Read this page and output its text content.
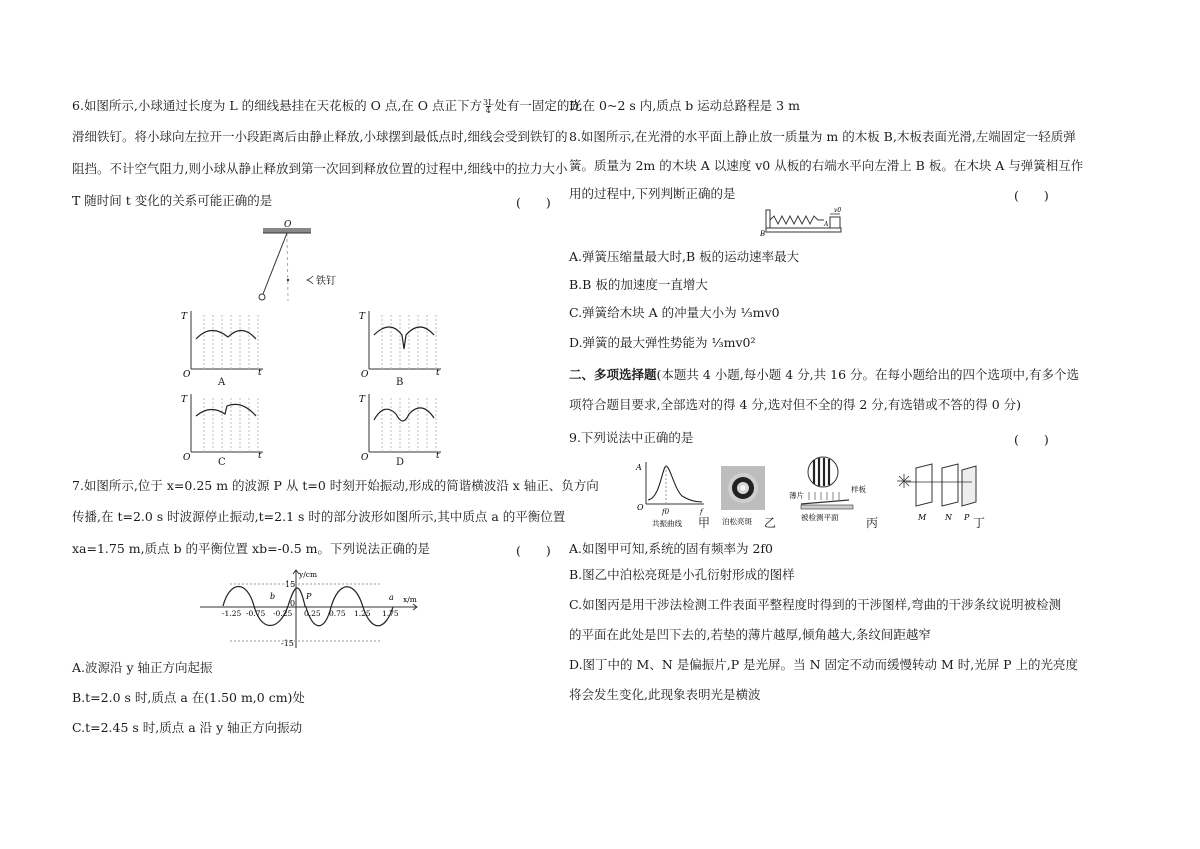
6.如图所示,小球通过长度为 L 的细线悬挂在天花板的 O 点,在 O 点正下方$\frac{3L}{4}$处有一固定的光
滑细铁钉。将小球向左拉开一小段距离后由静止释放,小球摆到最低点时,细线会受到铁钉的
阻挡。不计空气阻力,则小球从静止释放到第一次回到释放位置的过程中,细线中的拉力大小
T 随时间 t 变化的关系可能正确的是	(　　)
O
铁钉
T
O	t
A
T
O	t
B
T
O	t
C
T
O	t
D
7.如图所示,位于 x=0.25 m 的波源 P 从 t=0 时刻开始振动,形成的简谐横波沿 x 轴正、负方向
传播,在 t=2.0 s 时波源停止振动,t=2.1 s 时的部分波形如图所示,其中质点 a 的平衡位置
xa=1.75 m,质点 b 的平衡位置 xb=-0.5 m。下列说法正确的是	(　　)
y/cm
x/m
15
-15
-1.25 -0.75 -0.25 0.25 0.75 1.25 1.75
0
b	P	a
A.波源沿 y 轴正方向起振
B.t=2.0 s 时,质点 a 在(1.50 m,0 cm)处
C.t=2.45 s 时,质点 a 沿 y 轴正方向振动
D.在 0~2 s 内,质点 b 运动总路程是 3 m
8.如图所示,在光滑的水平面上静止放一质量为 m 的木板 B,木板表面光滑,左端固定一轻质弹
簧。质量为 2m 的木块 A 以速度 v0 从板的右端水平向左滑上 B 板。在木块 A 与弹簧相互作
用的过程中,下列判断正确的是	(　　)
B
A
v0
A.弹簧压缩量最大时,B 板的运动速率最大
B.B 板的加速度一直增大
C.弹簧给木块 A 的冲量大小为 ⅓mv0
D.弹簧的最大弹性势能为 ⅓mv0²
二、多项选择题(本题共 4 小题,每小题 4 分,共 16 分。在每小题给出的四个选项中,有多个选
项符合题目要求,全部选对的得 4 分,选对但不全的得 2 分,有选错或不答的得 0 分)
9.下列说法中正确的是	(　　)
A
O	f0	f
共振曲线 甲 泊松亮斑 乙
薄片
样板
被检测平面 丙	M N P 丁
A.如图甲可知,系统的固有频率为 2f0
B.图乙中泊松亮斑是小孔衍射形成的图样
C.如图丙是用干涉法检测工件表面平整程度时得到的干涉图样,弯曲的干涉条纹说明被检测
的平面在此处是凹下去的,若垫的薄片越厚,倾角越大,条纹间距越窄
D.图丁中的 M、N 是偏振片,P 是光屏。当 N 固定不动而缓慢转动 M 时,光屏 P 上的光亮度
将会发生变化,此现象表明光是横波
